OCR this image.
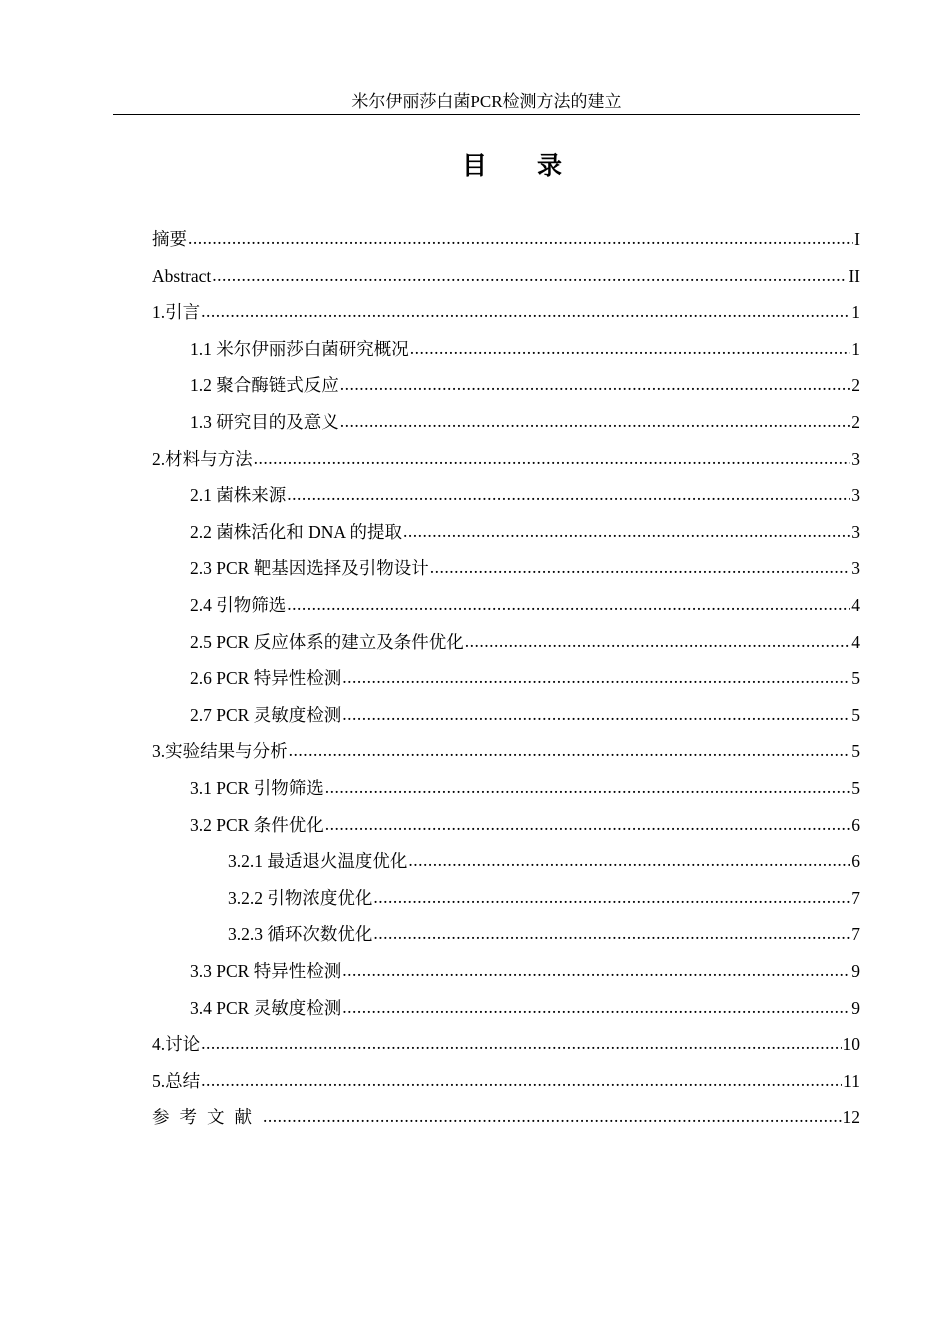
米尔伊丽莎白菌PCR检测方法的建立
目 录
摘要 .....	I
Abstract .....	II
1.引言 .....	1
1.1 米尔伊丽莎白菌研究概况 .....	1
1.2 聚合酶链式反应 .....	2
1.3 研究目的及意义 .....	2
2.材料与方法 .....	3
2.1 菌株来源 .....	3
2.2 菌株活化和 DNA 的提取 .....	3
2.3 PCR 靶基因选择及引物设计 .....	3
2.4 引物筛选 .....	4
2.5 PCR 反应体系的建立及条件优化 .....	4
2.6 PCR 特异性检测 .....	5
2.7 PCR 灵敏度检测 .....	5
3.实验结果与分析 .....	5
3.1 PCR 引物筛选 .....	5
3.2 PCR 条件优化 .....	6
3.2.1 最适退火温度优化 .....	6
3.2.2 引物浓度优化 .....	7
3.2.3 循环次数优化 .....	7
3.3 PCR 特异性检测 .....	9
3.4 PCR 灵敏度检测 .....	9
4.讨论 .....	10
5.总结 .....	11
参考文献 .....	12
